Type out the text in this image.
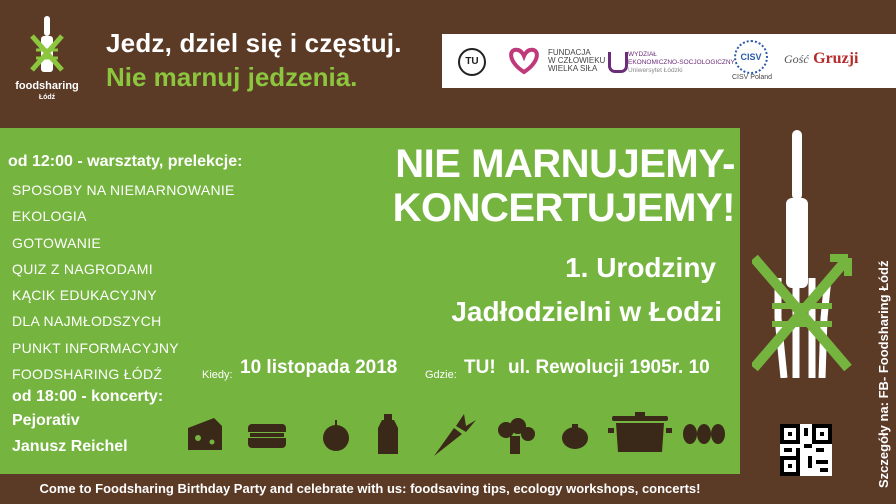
foodsharing
Łódź
Jedz, dziel się i częstuj.
Nie marnuj jedzenia.
TU
FUNDACJA
W CZŁOWIEKU
WIELKA SIŁA
WYDZIAŁ
EKONOMICZNO-SOCJOLOGICZNY
Uniwersytet Łódzki
CISV
CISV Poland
Gość Gruzji
Come to Foodsharing Birthday Party and celebrate with us: foodsaving tips, ecology workshops, concerts!
od 12:00 - warsztaty, prelekcje:
SPOSOBY NA NIEMARNOWANIE
EKOLOGIA
GOTOWANIE
QUIZ Z NAGRODAMI
KĄCIK EDUKACYJNY
DLA NAJMŁODSZYCH
PUNKT INFORMACYJNY
FOODSHARING ŁÓDŹ
od 18:00 - koncerty:
Pejorativ
Janusz Reichel
NIE MARNUJEMY-
KONCERTUJEMY!
1. Urodziny
Jadłodzielni w Łodzi
Kiedy: 10 listopada 2018	Gdzie: TU! ul. Rewolucji 1905r. 10	Szczegóły na: FB- Foodsharing Łódź
